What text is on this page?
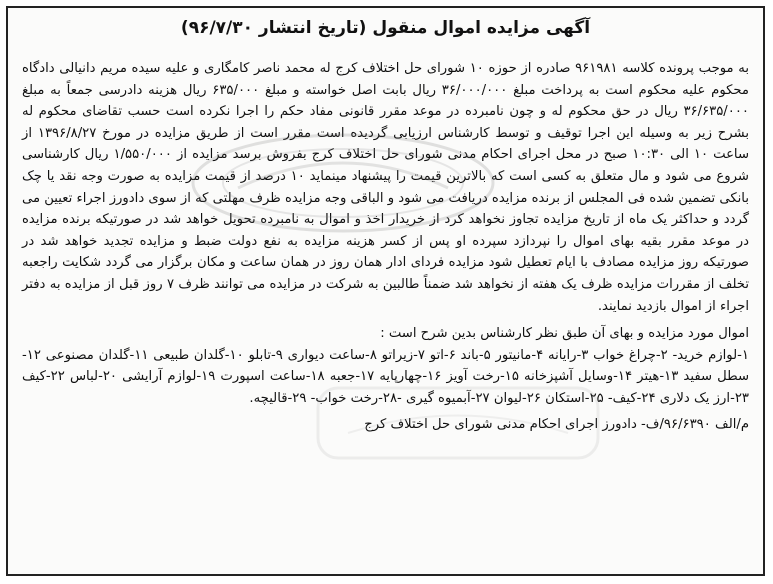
آگهی مزایده اموال منقول (تاریخ انتشار ۹۶/۷/۳۰)

به موجب پرونده کلاسه ۹۶۱۹۸۱ صادره از حوزه ۱۰ شورای حل اختلاف کرج له محمد ناصر کامگاری و علیه سیده مریم دانیالی دادگاه محکوم علیه محکوم است به پرداخت مبلغ ۳۶/۰۰۰/۰۰۰ ریال بابت اصل خواسته و مبلغ ۶۳۵/۰۰۰ ریال هزینه دادرسی جمعاً به مبلغ ۳۶/۶۳۵/۰۰۰ ریال در حق محکوم له و چون نامبرده در موعد مقرر قانونی مفاد حکم را اجرا نکرده است حسب تقاضای محکوم له بشرح زیر به وسیله این اجرا توقیف و توسط کارشناس ارزیابی گردیده است مقرر است از طریق مزایده در مورخ ۱۳۹۶/۸/۲۷ از ساعت ۱۰ الی ۱۰:۳۰ صبح در محل اجرای احکام مدنی شورای حل اختلاف کرج بفروش برسد مزایده از ۱/۵۵۰/۰۰۰ ریال کارشناسی شروع می شود و مال متعلق به کسی است که بالاترین قیمت را پیشنهاد مینماید ۱۰ درصد از قیمت مزایده به صورت وجه نقد یا چک بانکی تضمین شده فی المجلس از برنده مزایده دریافت می شود و الباقی وجه مزایده ظرف مهلتی که از سوی دادورز اجراء تعیین می گردد و حداکثر یک ماه از تاریخ مزایده تجاوز نخواهد کرد از خریدار اخذ و اموال به نامبرده تحویل خواهد شد در صورتیکه برنده مزایده در موعد مقرر بقیه بهای اموال را نپردازد سپرده او پس از کسر هزینه مزایده به نفع دولت ضبط و مزایده تجدید خواهد شد در صورتیکه روز مزایده مصادف با ایام تعطیل شود مزایده فردای ادار همان روز در همان ساعت و مکان برگزار می گردد شکایت راجعبه تخلف از مقررات مزایده ظرف یک هفته از نخواهد شد ضمناً طالبین به شرکت در مزایده می توانند ظرف ۷ روز قبل از مزایده به دفتر اجراء از اموال بازدید نمایند.

اموال مورد مزایده و بهای آن طبق نظر کارشناس بدین شرح است :

۱-لوازم خرید- ۲-چراغ خواب ۳-رایانه ۴-مانیتور ۵-باند ۶-اتو ۷-زیراتو ۸-ساعت دیواری ۹-تابلو ۱۰-گلدان طبیعی ۱۱-گلدان مصنوعی ۱۲-سطل سفید ۱۳-هیتر ۱۴-وسایل آشپزخانه ۱۵-رخت آویز ۱۶-چهارپایه ۱۷-جعبه ۱۸-ساعت اسپورت ۱۹-لوازم آرایشی ۲۰-لباس ۲۲-کیف ۲۳-ارز یک دلاری ۲۴-کیف- ۲۵-استکان ۲۶-لیوان ۲۷-آبمیوه گیری -۲۸-رخت خواب- ۲۹-قالیچه.

م/الف ۹۶/۶۳۹۰/ف- دادورز اجرای احکام مدنی شورای حل اختلاف کرج
